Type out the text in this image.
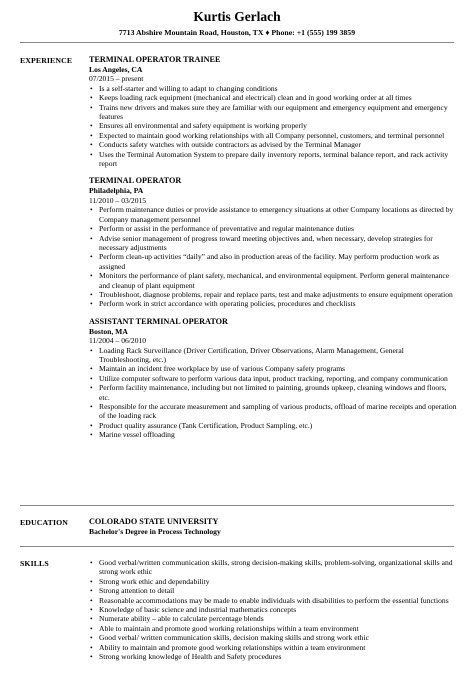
Kurtis Gerlach
7713 Abshire Mountain Road, Houston, TX ♦ Phone: +1 (555) 199 3859
EXPERIENCE TERMINAL OPERATOR TRAINEE
Los Angeles, CA
07/2015 – present
• Is a self-starter and willing to adapt to changing conditions
• Keeps loading rack equipment (mechanical and electrical) clean and in good working order at all times
• Trains new drivers and makes sure they are familiar with our equipment and emergency equipment and emergency features
• Ensures all environmental and safety equipment is working properly
• Expected to maintain good working relationships with all Company personnel, customers, and terminal personnel
• Conducts safety watches with outside contractors as advised by the Terminal Manager
• Uses the Terminal Automation System to prepare daily inventory reports, terminal balance report, and rack activity report
TERMINAL OPERATOR
Philadelphia, PA
11/2010 – 03/2015
• Perform maintenance duties or provide assistance to emergency situations at other Company locations as directed by Company management personnel
• Perform or assist in the performance of preventative and regular maintenance duties
• Advise senior management of progress toward meeting objectives and, when necessary, develop strategies for necessary adjustments
• Perform clean-up activities “daily” and also in production areas of the facility. May perform production work as assigned
• Monitors the performance of plant safety, mechanical, and environmental equipment. Perform general maintenance and cleanup of plant equipment
• Troubleshoot, diagnose problems, repair and replace parts, test and make adjustments to ensure equipment operation
• Perform work in strict accordance with operating policies, procedures and checklists
ASSISTANT TERMINAL OPERATOR
Boston, MA
11/2004 – 06/2010
• Loading Rack Surveillance (Driver Certification, Driver Observations, Alarm Management, General Troubleshooting, etc.)
• Maintain an incident free workplace by use of various Company safety programs
• Utilize computer software to perform various data input, product tracking, reporting, and company communication
• Perform facility maintenance, including but not limited to painting, grounds upkeep, cleaning windows and floors, etc.
• Responsible for the accurate measurement and sampling of various products, offload of marine receipts and operation of the loading rack
• Product quality assurance (Tank Certification, Product Sampling, etc.)
• Marine vessel offloading
EDUCATION	COLORADO STATE UNIVERSITY
Bachelor's Degree in Process Technology
SKILLS
•	Good verbal/written communication skills, strong decision-making skills, problem-solving, organizational skills and strong work ethic
• Strong work ethic and dependability
• Strong attention to detail
• Reasonable accommodations may be made to enable individuals with disabilities to perform the essential functions
• Knowledge of basic science and industrial mathematics concepts
• Numerate ability – able to calculate percentage blends
• Able to maintain and promote good working relationships within a team environment
• Good verbal/ written communication skills, decision making skills and strong work ethic
• Ability to maintain and promote good working relationships within a team environment
• Strong working knowledge of Health and Safety procedures
